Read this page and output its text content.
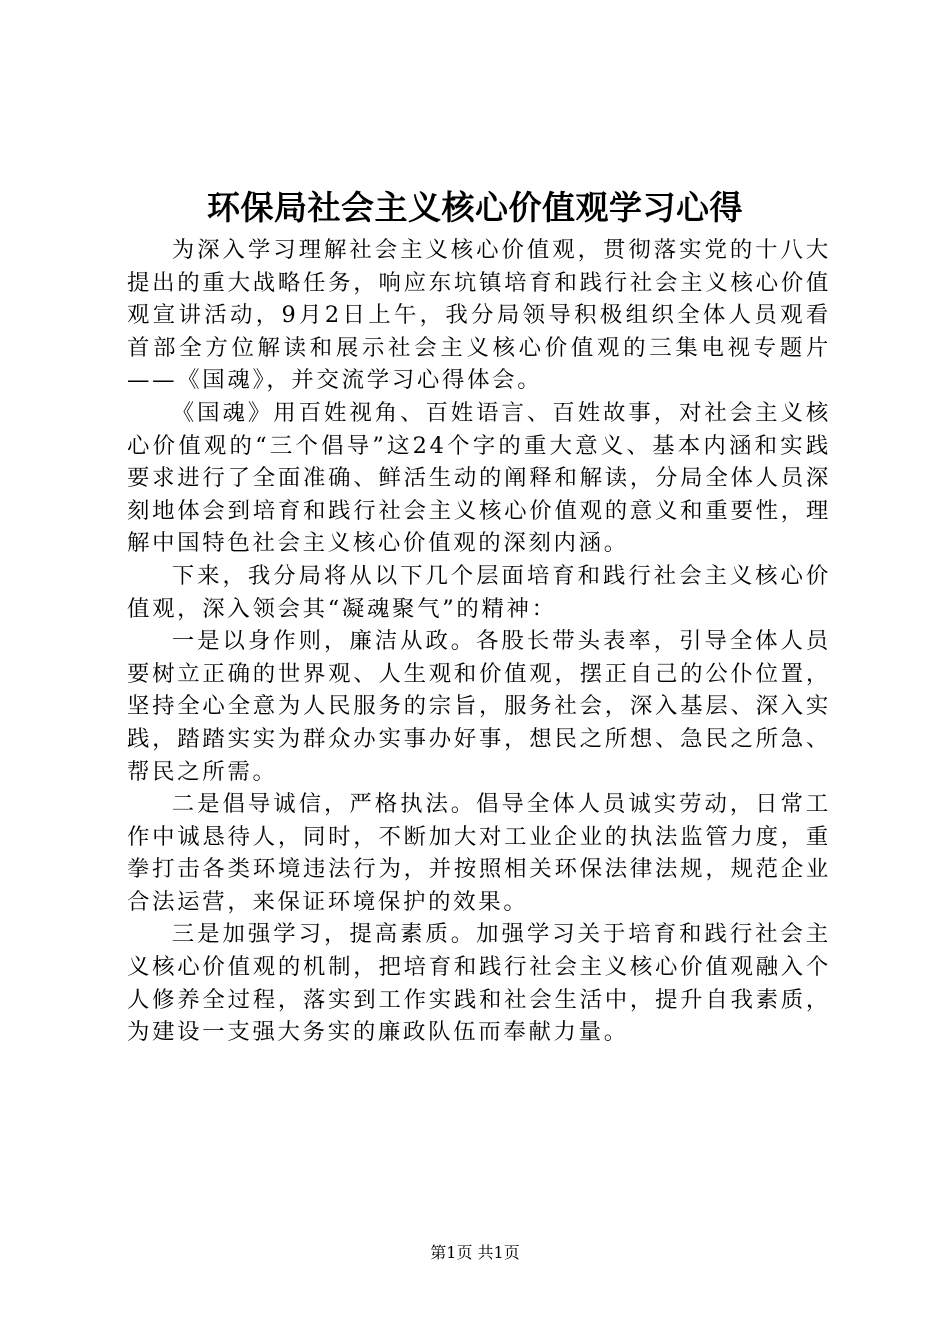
环保局社会主义核心价值观学习心得

为深入学习理解社会主义核心价值观，贯彻落实党的十八大提出的重大战略任务，响应东坑镇培育和践行社会主义核心价值观宣讲活动，9月2日上午，我分局领导积极组织全体人员观看首部全方位解读和展示社会主义核心价值观的三集电视专题片——《国魂》，并交流学习心得体会。

《国魂》用百姓视角、百姓语言、百姓故事，对社会主义核心价值观的“三个倡导”这24个字的重大意义、基本内涵和实践要求进行了全面准确、鲜活生动的阐释和解读，分局全体人员深刻地体会到培育和践行社会主义核心价值观的意义和重要性，理解中国特色社会主义核心价值观的深刻内涵。

下来，我分局将从以下几个层面培育和践行社会主义核心价值观，深入领会其“凝魂聚气”的精神：

一是以身作则，廉洁从政。各股长带头表率，引导全体人员要树立正确的世界观、人生观和价值观，摆正自己的公仆位置，坚持全心全意为人民服务的宗旨，服务社会，深入基层、深入实践，踏踏实实为群众办实事办好事，想民之所想、急民之所急、帮民之所需。

二是倡导诚信，严格执法。倡导全体人员诚实劳动，日常工作中诚恳待人，同时，不断加大对工业企业的执法监管力度，重拳打击各类环境违法行为，并按照相关环保法律法规，规范企业合法运营，来保证环境保护的效果。

三是加强学习，提高素质。加强学习关于培育和践行社会主义核心价值观的机制，把培育和践行社会主义核心价值观融入个人修养全过程，落实到工作实践和社会生活中，提升自我素质，为建设一支强大务实的廉政队伍而奉献力量。

第1页 共1页
